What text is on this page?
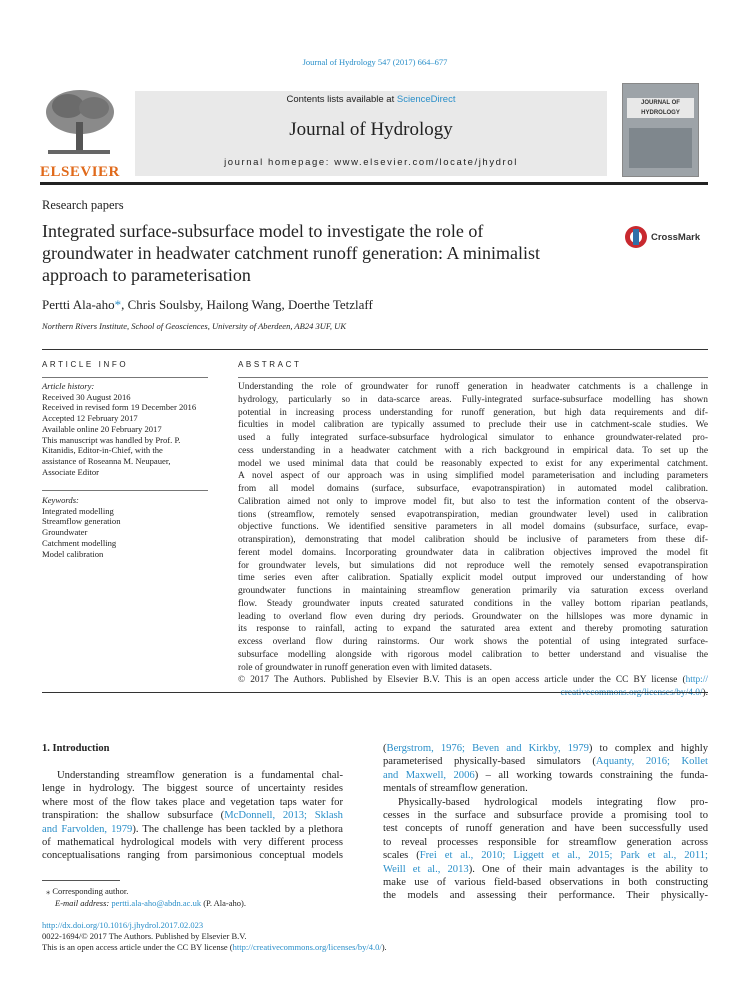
Journal of Hydrology 547 (2017) 664–677
ELSEVIER
Contents lists available at ScienceDirect
Journal of Hydrology
journal homepage: www.elsevier.com/locate/jhydrol
JOURNAL OF HYDROLOGY
Research papers
Integrated surface-subsurface model to investigate the role of
groundwater in headwater catchment runoff generation: A minimalist
approach to parameterisation
CrossMark
Pertti Ala-aho*, Chris Soulsby, Hailong Wang, Doerthe Tetzlaff
Northern Rivers Institute, School of Geosciences, University of Aberdeen, AB24 3UF, UK
ARTICLE INFO
Article history:
Received 30 August 2016
Received in revised form 19 December 2016
Accepted 12 February 2017
Available online 20 February 2017
This manuscript was handled by Prof. P.
Kitanidis, Editor-in-Chief, with the
assistance of Roseanna M. Neupauer,
Associate Editor
Keywords:
Integrated modelling
Streamflow generation
Groundwater
Catchment modelling
Model calibration
ABSTRACT
Understanding the role of groundwater for runoff generation in headwater catchments is a challenge in
hydrology, particularly so in data-scarce areas. Fully-integrated surface-subsurface modelling has shown
potential in increasing process understanding for runoff generation, but high data requirements and dif-
ficulties in model calibration are typically assumed to preclude their use in catchment-scale studies. We
used a fully integrated surface-subsurface hydrological simulator to enhance groundwater-related pro-
cess understanding in a headwater catchment with a rich background in empirical data. To set up the
model we used minimal data that could be reasonably expected to exist for any experimental catchment.
A novel aspect of our approach was in using simplified model parameterisation and including parameters
from all model domains (surface, subsurface, evapotranspiration) in automated model calibration.
Calibration aimed not only to improve model fit, but also to test the information content of the observa-
tions (streamflow, remotely sensed evapotranspiration, median groundwater level) used in calibration
objective functions. We identified sensitive parameters in all model domains (subsurface, surface, evap-
otranspiration), demonstrating that model calibration should be inclusive of parameters from these dif-
ferent model domains. Incorporating groundwater data in calibration objectives improved the model fit
for groundwater levels, but simulations did not reproduce well the remotely sensed evapotranspiration
time series even after calibration. Spatially explicit model output improved our understanding of how
groundwater functions in maintaining streamflow generation primarily via saturation excess overland
flow. Steady groundwater inputs created saturated conditions in the valley bottom riparian peatlands,
leading to overland flow even during dry periods. Groundwater on the hillslopes was more dynamic in
its response to rainfall, acting to expand the saturated area extent and thereby promoting saturation
excess overland flow during rainstorms. Our work shows the potential of using integrated surface-
subsurface modelling alongside with rigorous model calibration to better understand and visualise the
role of groundwater in runoff generation even with limited datasets.
© 2017 The Authors. Published by Elsevier B.V. This is an open access article under the CC BY license (http://
1. Introduction
Understanding streamflow generation is a fundamental chal-
lenge in hydrology. The biggest source of uncertainty resides
where most of the flow takes place and vegetation taps water for
transpiration: the shallow subsurface (McDonnell, 2013; Sklash
and Farvolden, 1979). The challenge has been tackled by a plethora
of mathematical hydrological models with very different process
conceptualisations ranging from parsimonious conceptual models
(Bergstrom, 1976; Beven and Kirkby, 1979) to complex and highly
parameterised physically-based simulators (Aquanty, 2016; Kollet
and Maxwell, 2006) – all working towards constraining the funda-
mentals of streamflow generation.
Physically-based hydrological models integrating flow pro-
cesses in the surface and subsurface provide a promising tool to
test concepts of runoff generation and have been successfully used
to reveal processes responsible for streamflow generation across
scales (Frei et al., 2010; Liggett et al., 2015; Park et al., 2011;
Weill et al., 2013). One of their main advantages is the ability to
make use of various field-based observations in both constructing
the models and assessing their performance. Their physically-
⁎ Corresponding author.
E-mail address: pertti.ala-aho@abdn.ac.uk (P. Ala-aho).
http://dx.doi.org/10.1016/j.jhydrol.2017.02.023
0022-1694/© 2017 The Authors. Published by Elsevier B.V.
This is an open access article under the CC BY license (http://creativecommons.org/licenses/by/4.0/).
